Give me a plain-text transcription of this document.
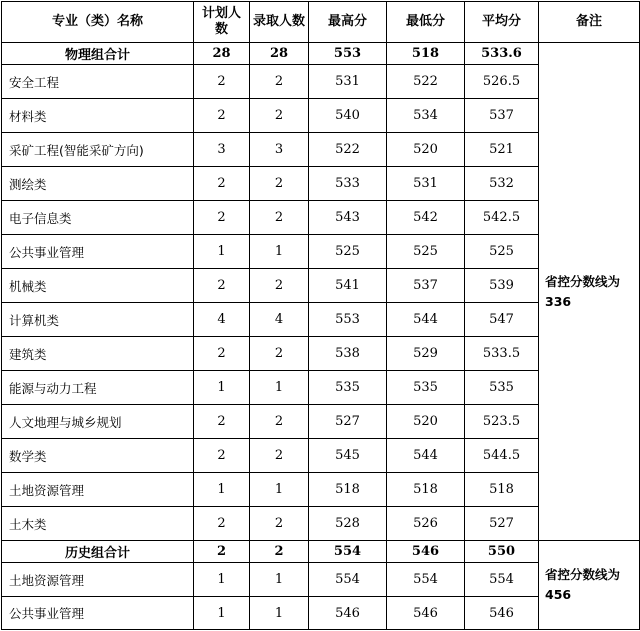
专业（类）名称	计划人数	录取人数	最高分	最低分	平均分	备注
物理组合计	28	28	553	518	533.6	省控分数线为336
安全工程	2	2	531	522	526.5	
材料类	2	2	540	534	537	
采矿工程(智能采矿方向)	3	3	522	520	521	
测绘类	2	2	533	531	532	
电子信息类	2	2	543	542	542.5	
公共事业管理	1	1	525	525	525	
机械类	2	2	541	537	539	
计算机类	4	4	553	544	547	
建筑类	2	2	538	529	533.5	
能源与动力工程	1	1	535	535	535	
人文地理与城乡规划	2	2	527	520	523.5	
数学类	2	2	545	544	544.5	
土地资源管理	1	1	518	518	518	
土木类	2	2	528	526	527	
历史组合计	2	2	554	546	550	省控分数线为456
土地资源管理	1	1	554	554	554	
公共事业管理	1	1	546	546	546	
